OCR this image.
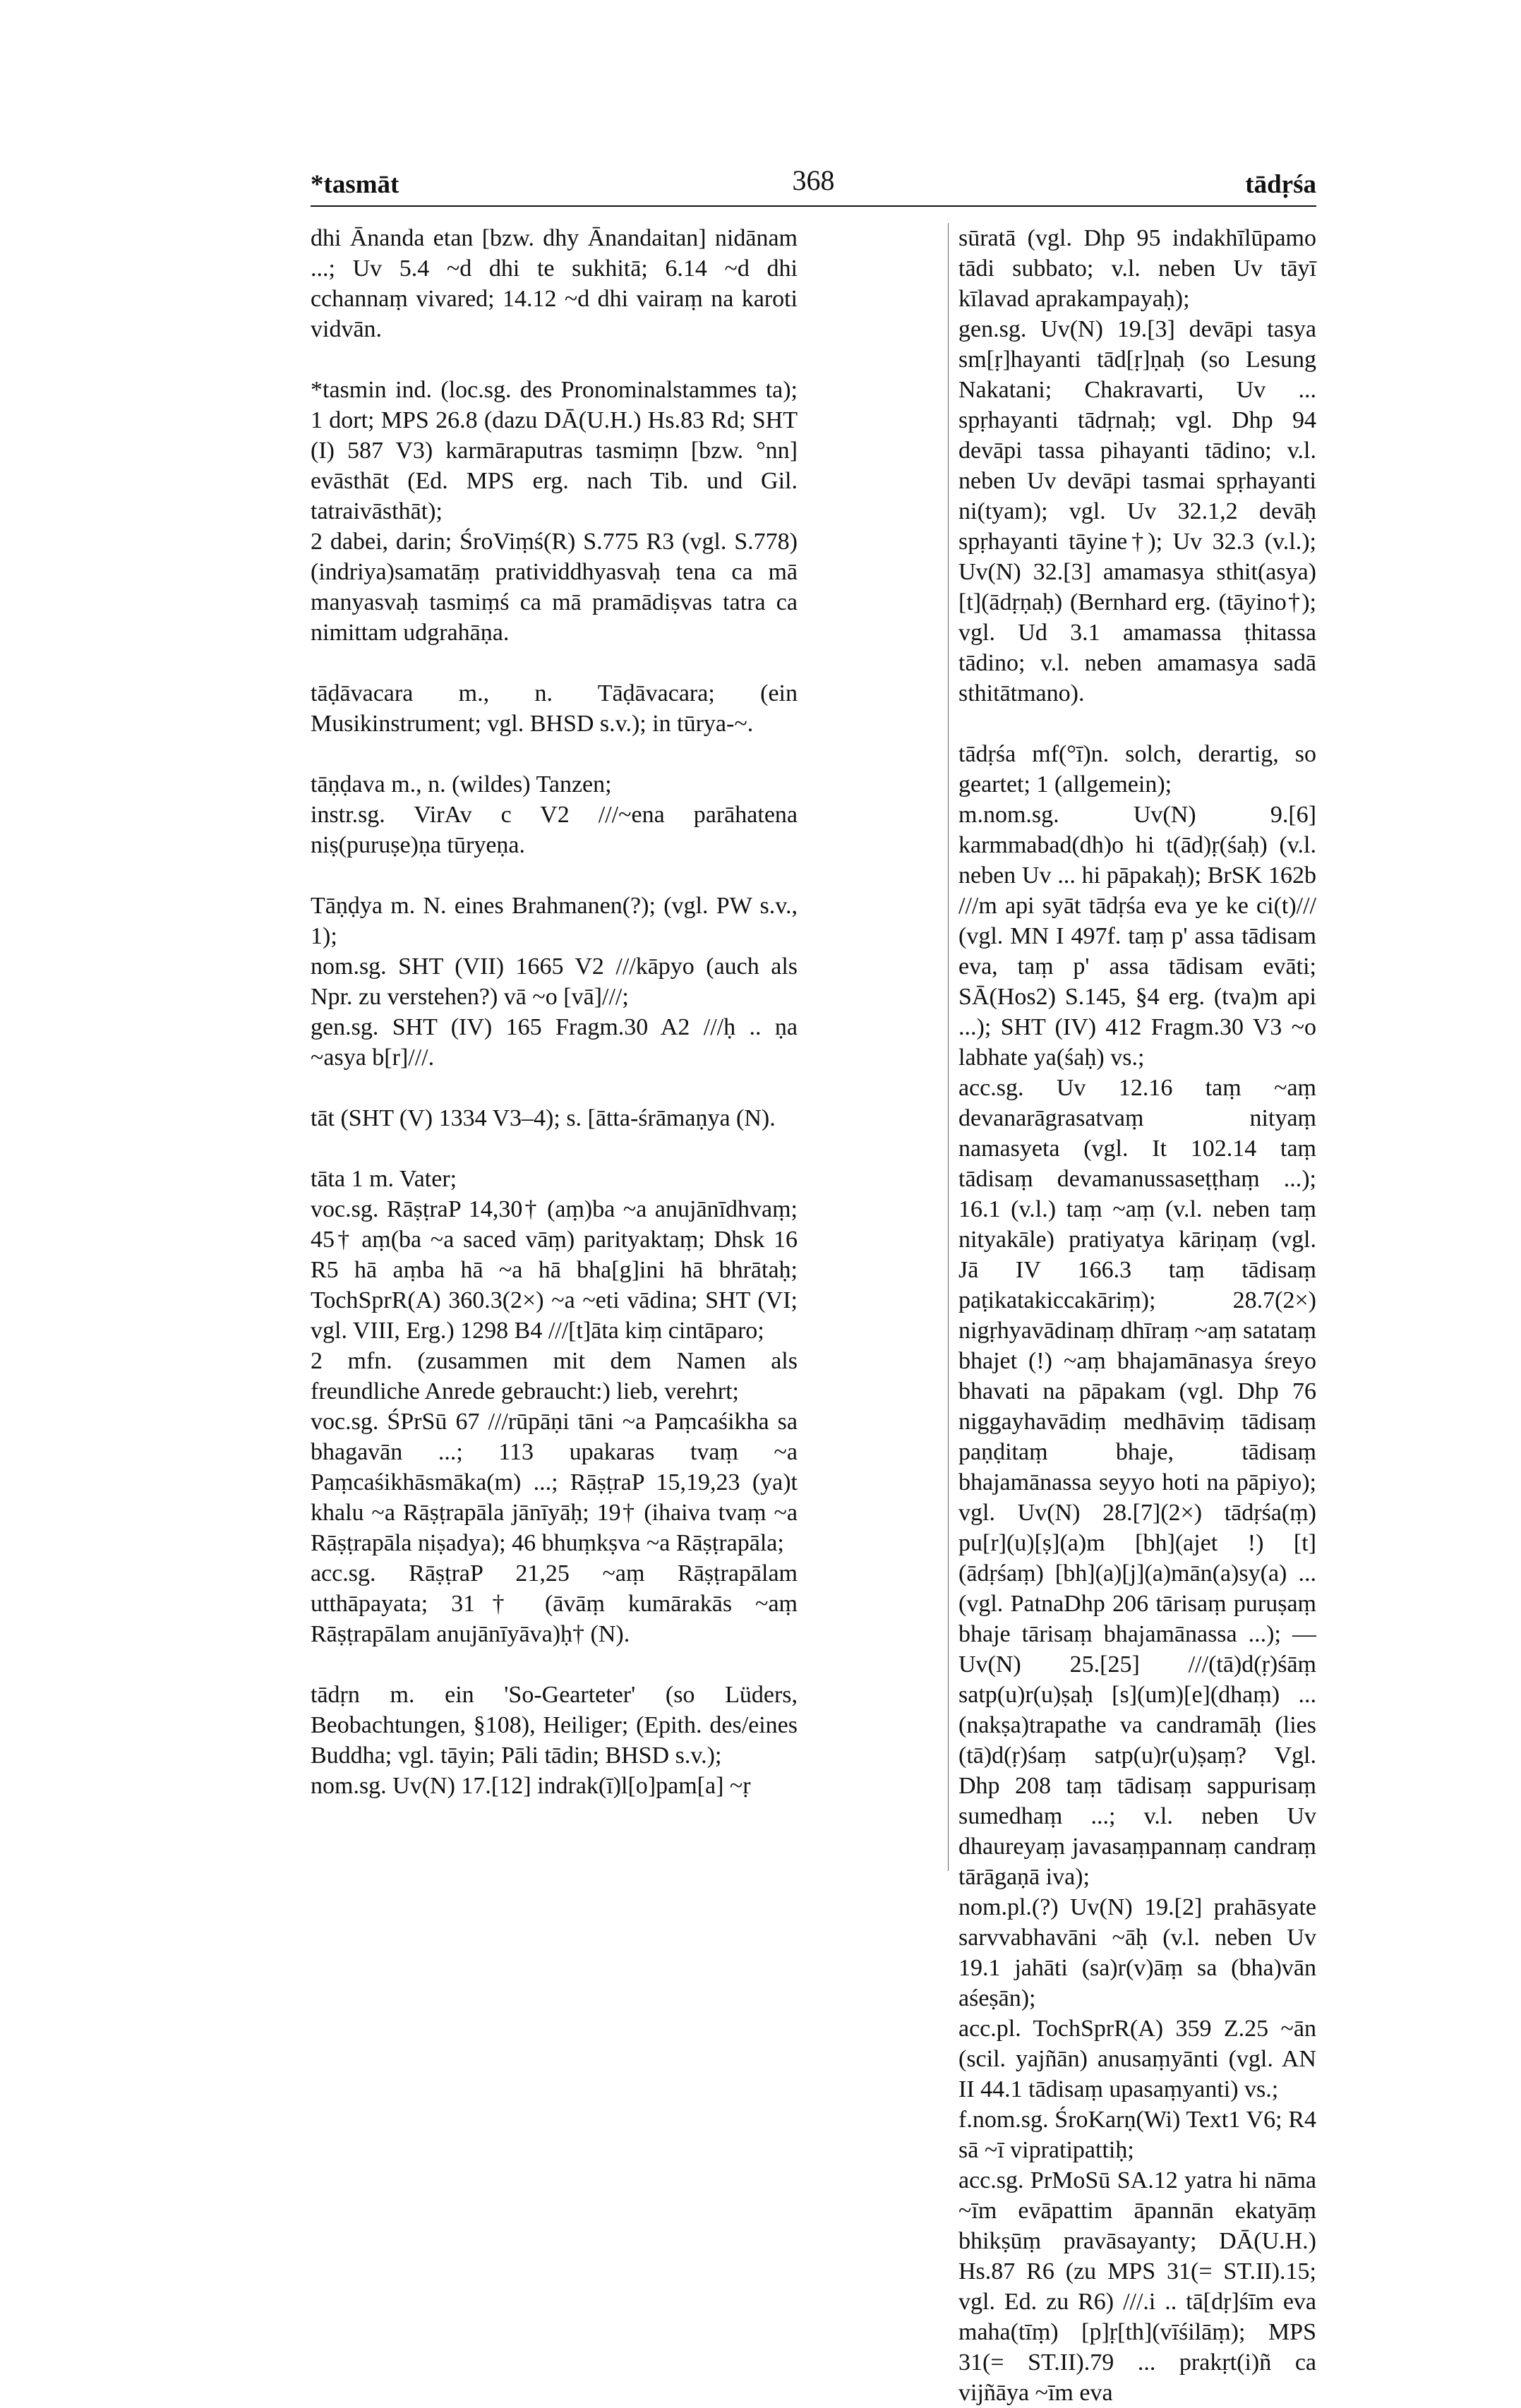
*tasmāt	368	tādṛśa

dhi Ānanda etan [bzw. dhy Ānandaitan] nidānam ...; Uv 5.4 ~d dhi te sukhitā; 6.14 ~d dhi cchannaṃ vivared; 14.12 ~d dhi vairaṃ na karoti vidvān.

*tasmin ind. (loc.sg. des Pronominalstammes ta); 1 dort; MPS 26.8 (dazu DĀ(U.H.) Hs.83 Rd; SHT (I) 587 V3) karmāraputras tasmiṃn [bzw. °nn] evāsthāt (Ed. MPS erg. nach Tib. und Gil. tatraivāsthāt);

2 dabei, darin; ŚroViṃś(R) S.775 R3 (vgl. S.778) (indriya)samatāṃ pratividdhyasvaḥ tena ca mā manyasvaḥ tasmiṃś ca mā pramādiṣvas tatra ca nimittam udgrahāṇa.

tāḍāvacara m., n. Tāḍāvacara; (ein Musikinstrument; vgl. BHSD s.v.); in tūrya-~.

tāṇḍava m., n. (wildes) Tanzen;

instr.sg. VirAv c V2 ///~ena parāhatena niṣ(puruṣe)ṇa tūryeṇa.

Tāṇḍya m. N. eines Brahmanen(?); (vgl. PW s.v., 1);

nom.sg. SHT (VII) 1665 V2 ///kāpyo (auch als Npr. zu verstehen?) vā ~o [vā]///;

gen.sg. SHT (IV) 165 Fragm.30 A2 ///ḥ .. ṇa ~asya b[r]///.

tāt (SHT (V) 1334 V3–4); s. [ātta-śrāmaṇya (N).

tāta 1 m. Vater;

voc.sg. RāṣṭraP 14,30† (aṃ)ba ~a anujānīdhvaṃ; 45† aṃ(ba ~a saced vāṃ) parityaktaṃ; Dhsk 16 R5 hā aṃba hā ~a hā bha[g]ini hā bhrātaḥ; TochSprR(A) 360.3(2×) ~a ~eti vādina; SHT (VI; vgl. VIII, Erg.) 1298 B4 ///[t]āta kiṃ cintāparo;

2 mfn. (zusammen mit dem Namen als freundliche Anrede gebraucht:) lieb, verehrt;

voc.sg. ŚPrSū 67 ///rūpāṇi tāni ~a Paṃcaśikha sa bhagavān ...; 113 upakaras tvaṃ ~a Paṃcaśikhāsmāka(m) ...; RāṣṭraP 15,19,23 (ya)t khalu ~a Rāṣṭrapāla jānīyāḥ; 19† (ihaiva tvaṃ ~a Rāṣṭrapāla niṣadya); 46 bhuṃkṣva ~a Rāṣṭrapāla;

acc.sg. RāṣṭraP 21,25 ~aṃ Rāṣṭrapālam utthāpayata; 31† (āvāṃ kumārakās ~aṃ Rāṣṭrapālam anujānīyāva)ḥ† (N).

tādṛn m. ein 'So-Gearteter' (so Lüders, Beobachtungen, §108), Heiliger; (Epith. des/eines Buddha; vgl. tāyin; Pāli tādin; BHSD s.v.);

nom.sg. Uv(N) 17.[12] indrak(ī)l[o]pam[a] ~ṛ

sūratā (vgl. Dhp 95 indakhīlūpamo tādi subbato; v.l. neben Uv tāyī kīlavad aprakampayaḥ);

gen.sg. Uv(N) 19.[3] devāpi tasya sm[ṛ]hayanti tād[ṛ]ṇaḥ (so Lesung Nakatani; Chakravarti, Uv ... spṛhayanti tādṛnaḥ; vgl. Dhp 94 devāpi tassa pihayanti tādino; v.l. neben Uv devāpi tasmai spṛhayanti ni(tyam); vgl. Uv 32.1,2 devāḥ spṛhayanti tāyine†); Uv 32.3 (v.l.); Uv(N) 32.[3] amamasya sthit(asya) [t](ādṛṇaḥ) (Bernhard erg. (tāyino†); vgl. Ud 3.1 amamassa ṭhitassa tādino; v.l. neben amamasya sadā sthitātmano).

tādṛśa mf(°ī)n. solch, derartig, so geartet; 1 (allgemein);

m.nom.sg. Uv(N) 9.[6] karmmabad(dh)o hi t(ād)ṛ(śaḥ) (v.l. neben Uv ... hi pāpakaḥ); BrSK 162b ///m api syāt tādṛśa eva ye ke ci(t)/// (vgl. MN I 497f. taṃ p' assa tādisam eva, taṃ p' assa tādisam evāti; SĀ(Hos2) S.145, §4 erg. (tva)m api ...); SHT (IV) 412 Fragm.30 V3 ~o labhate ya(śaḥ) vs.;

acc.sg. Uv 12.16 taṃ ~aṃ devanarāgrasatvaṃ nityaṃ namasyeta (vgl. It 102.14 taṃ tādisaṃ devamanussaseṭṭhaṃ ...); 16.1 (v.l.) taṃ ~aṃ (v.l. neben taṃ nityakāle) pratiyatya kāriṇaṃ (vgl. Jā IV 166.3 taṃ tādisaṃ paṭikatakiccakāriṃ); 28.7(2×) nigṛhyavādinaṃ dhīraṃ ~aṃ satataṃ bhajet (!) ~aṃ bhajamānasya śreyo bhavati na pāpakam (vgl. Dhp 76 niggayhavādiṃ medhāviṃ tādisaṃ paṇḍitaṃ bhaje, tādisaṃ bhajamānassa seyyo hoti na pāpiyo); vgl. Uv(N) 28.[7](2×) tādṛśa(ṃ) pu[r](u)[ṣ](a)m [bh](ajet !) [t](ādṛśaṃ) [bh](a)[j](a)mān(a)sy(a) ... (vgl. PatnaDhp 206 tārisaṃ puruṣaṃ bhaje tārisaṃ bhajamānassa ...); — Uv(N) 25.[25] ///(tā)d(ṛ)śāṃ satp(u)r(u)ṣaḥ [s](um)[e](dhaṃ) ... (nakṣa)trapathe va candramāḥ (lies (tā)d(ṛ)śaṃ satp(u)r(u)ṣaṃ? Vgl. Dhp 208 taṃ tādisaṃ sappurisaṃ sumedhaṃ ...; v.l. neben Uv dhaureyaṃ javasaṃpannaṃ candraṃ tārāgaṇā iva);

nom.pl.(?) Uv(N) 19.[2] prahāsyate sarvvabhavāni ~āḥ (v.l. neben Uv 19.1 jahāti (sa)r(v)āṃ sa (bha)vān aśeṣān);

acc.pl. TochSprR(A) 359 Z.25 ~ān (scil. yajñān) anusaṃyānti (vgl. AN II 44.1 tādisaṃ upasaṃyanti) vs.;

f.nom.sg. ŚroKarṇ(Wi) Text1 V6; R4 sā ~ī vipratipattiḥ;

acc.sg. PrMoSū SA.12 yatra hi nāma ~īm evāpattim āpannān ekatyāṃ bhikṣūṃ pravāsayanty; DĀ(U.H.) Hs.87 R6 (zu MPS 31(= ST.II).15; vgl. Ed. zu R6) ///.i .. tā[dṛ]śīm eva maha(tīṃ) [p]ṛ[th](vīśilāṃ); MPS 31(= ST.II).79 ... prakṛt(i)ñ ca vijñāya ~īm eva
